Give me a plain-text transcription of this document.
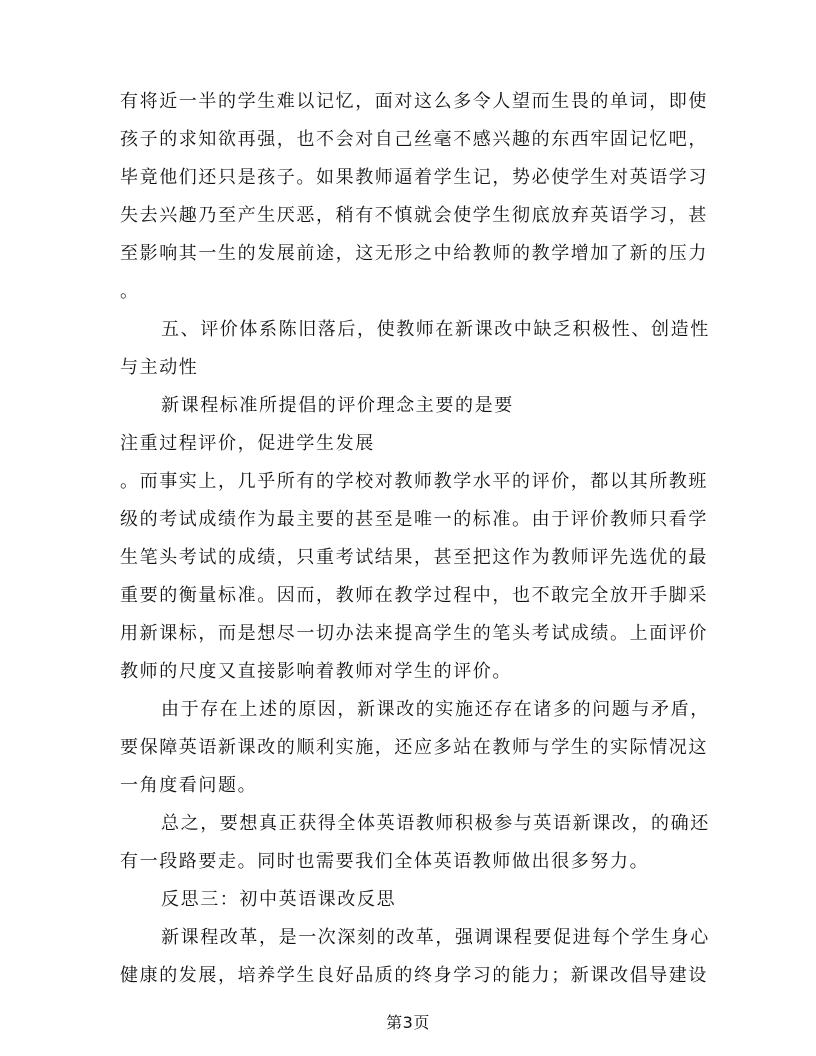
有将近一半的学生难以记忆，面对这么多令人望而生畏的单词，即使
孩子的求知欲再强，也不会对自己丝毫不感兴趣的东西牢固记忆吧，
毕竟他们还只是孩子。如果教师逼着学生记，势必使学生对英语学习
失去兴趣乃至产生厌恶，稍有不慎就会使学生彻底放弃英语学习，甚
至影响其一生的发展前途，这无形之中给教师的教学增加了新的压力
。
五、评价体系陈旧落后，使教师在新课改中缺乏积极性、创造性
与主动性
新课程标准所提倡的评价理念主要的是要
注重过程评价，促进学生发展
。而事实上，几乎所有的学校对教师教学水平的评价，都以其所教班
级的考试成绩作为最主要的甚至是唯一的标准。由于评价教师只看学
生笔头考试的成绩，只重考试结果，甚至把这作为教师评先选优的最
重要的衡量标准。因而，教师在教学过程中，也不敢完全放开手脚采
用新课标，而是想尽一切办法来提高学生的笔头考试成绩。上面评价
教师的尺度又直接影响着教师对学生的评价。
由于存在上述的原因，新课改的实施还存在诸多的问题与矛盾，
要保障英语新课改的顺利实施，还应多站在教师与学生的实际情况这
一角度看问题。
总之，要想真正获得全体英语教师积极参与英语新课改，的确还
有一段路要走。同时也需要我们全体英语教师做出很多努力。
反思三：初中英语课改反思
新课程改革，是一次深刻的改革，强调课程要促进每个学生身心
健康的发展，培养学生良好品质的终身学习的能力；新课改倡导建设
第3页
